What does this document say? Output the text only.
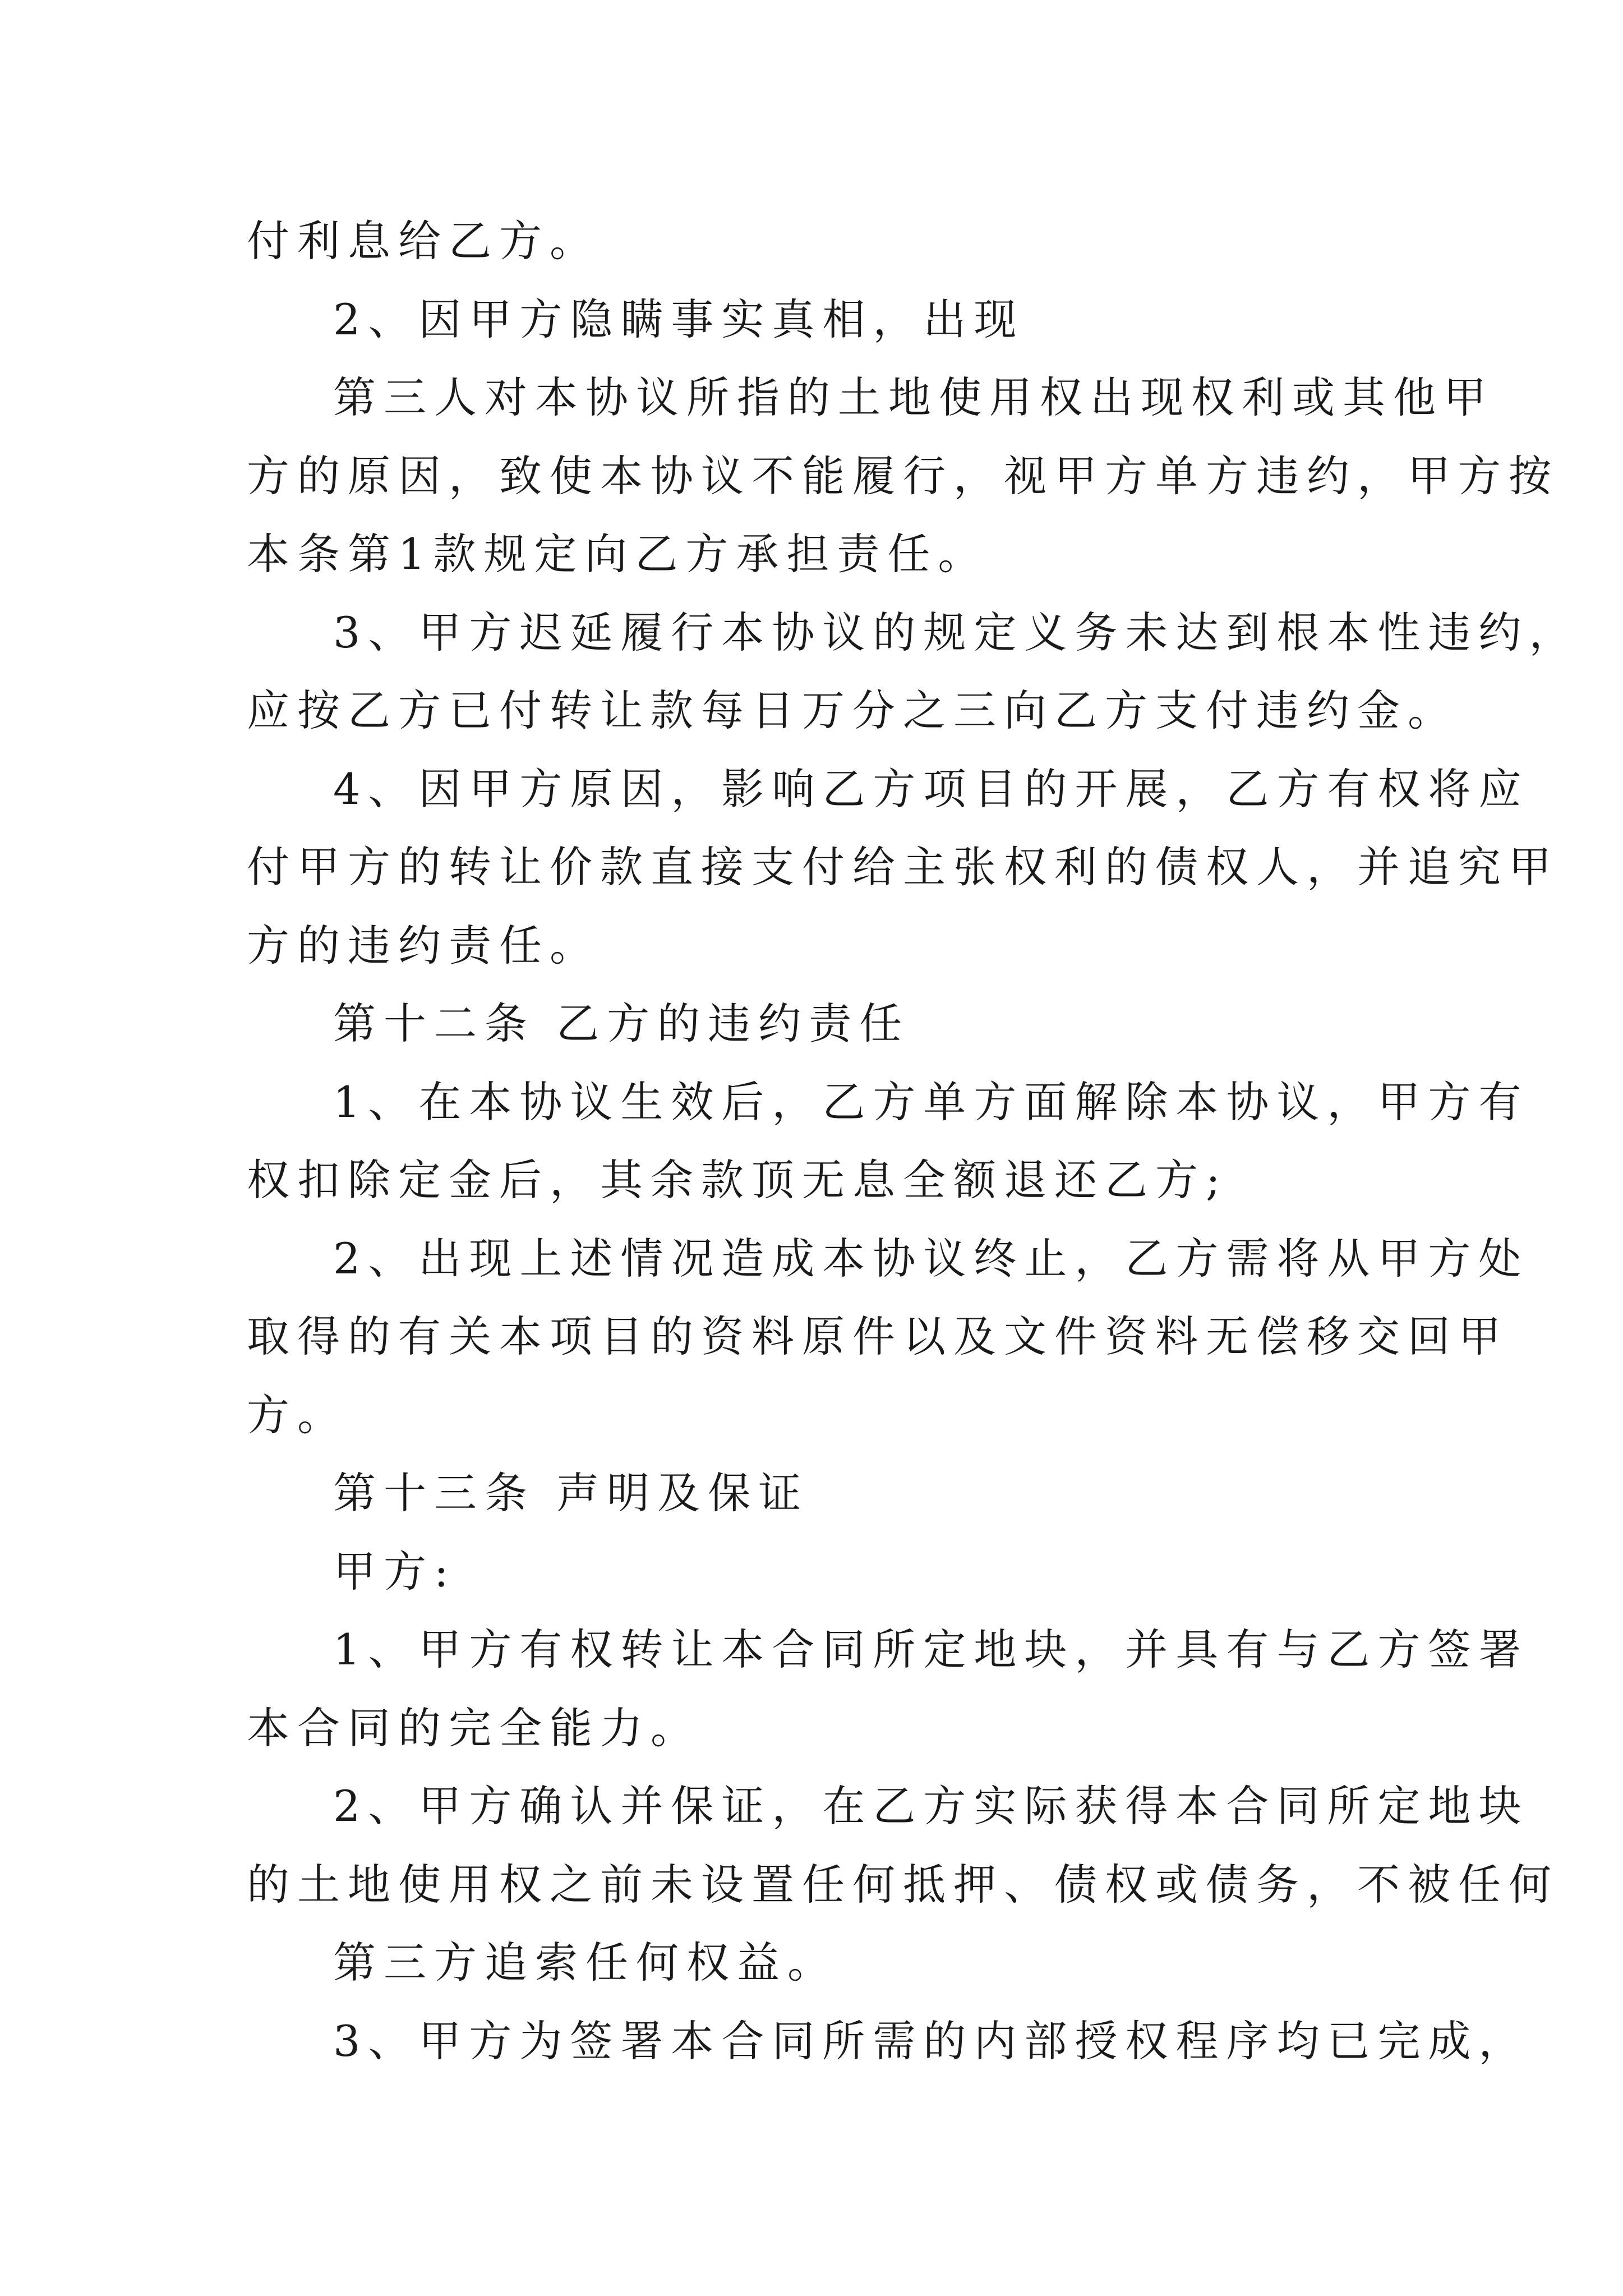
付利息给乙方。
2、因甲方隐瞒事实真相，出现
第三人对本协议所指的土地使用权出现权利或其他甲
方的原因，致使本协议不能履行，视甲方单方违约，甲方按
本条第1款规定向乙方承担责任。
3、甲方迟延履行本协议的规定义务未达到根本性违约，
应按乙方已付转让款每日万分之三向乙方支付违约金。
4、因甲方原因，影响乙方项目的开展，乙方有权将应
付甲方的转让价款直接支付给主张权利的债权人，并追究甲
方的违约责任。
第十二条 乙方的违约责任
1、在本协议生效后，乙方单方面解除本协议，甲方有
权扣除定金后，其余款顶无息全额退还乙方;
2、出现上述情况造成本协议终止，乙方需将从甲方处
取得的有关本项目的资料原件以及文件资料无偿移交回甲
方。
第十三条 声明及保证
甲方:
1、甲方有权转让本合同所定地块，并具有与乙方签署
本合同的完全能力。
2、甲方确认并保证，在乙方实际获得本合同所定地块
的土地使用权之前未设置任何抵押、债权或债务，不被任何
第三方追索任何权益。
3、甲方为签署本合同所需的内部授权程序均已完成，
